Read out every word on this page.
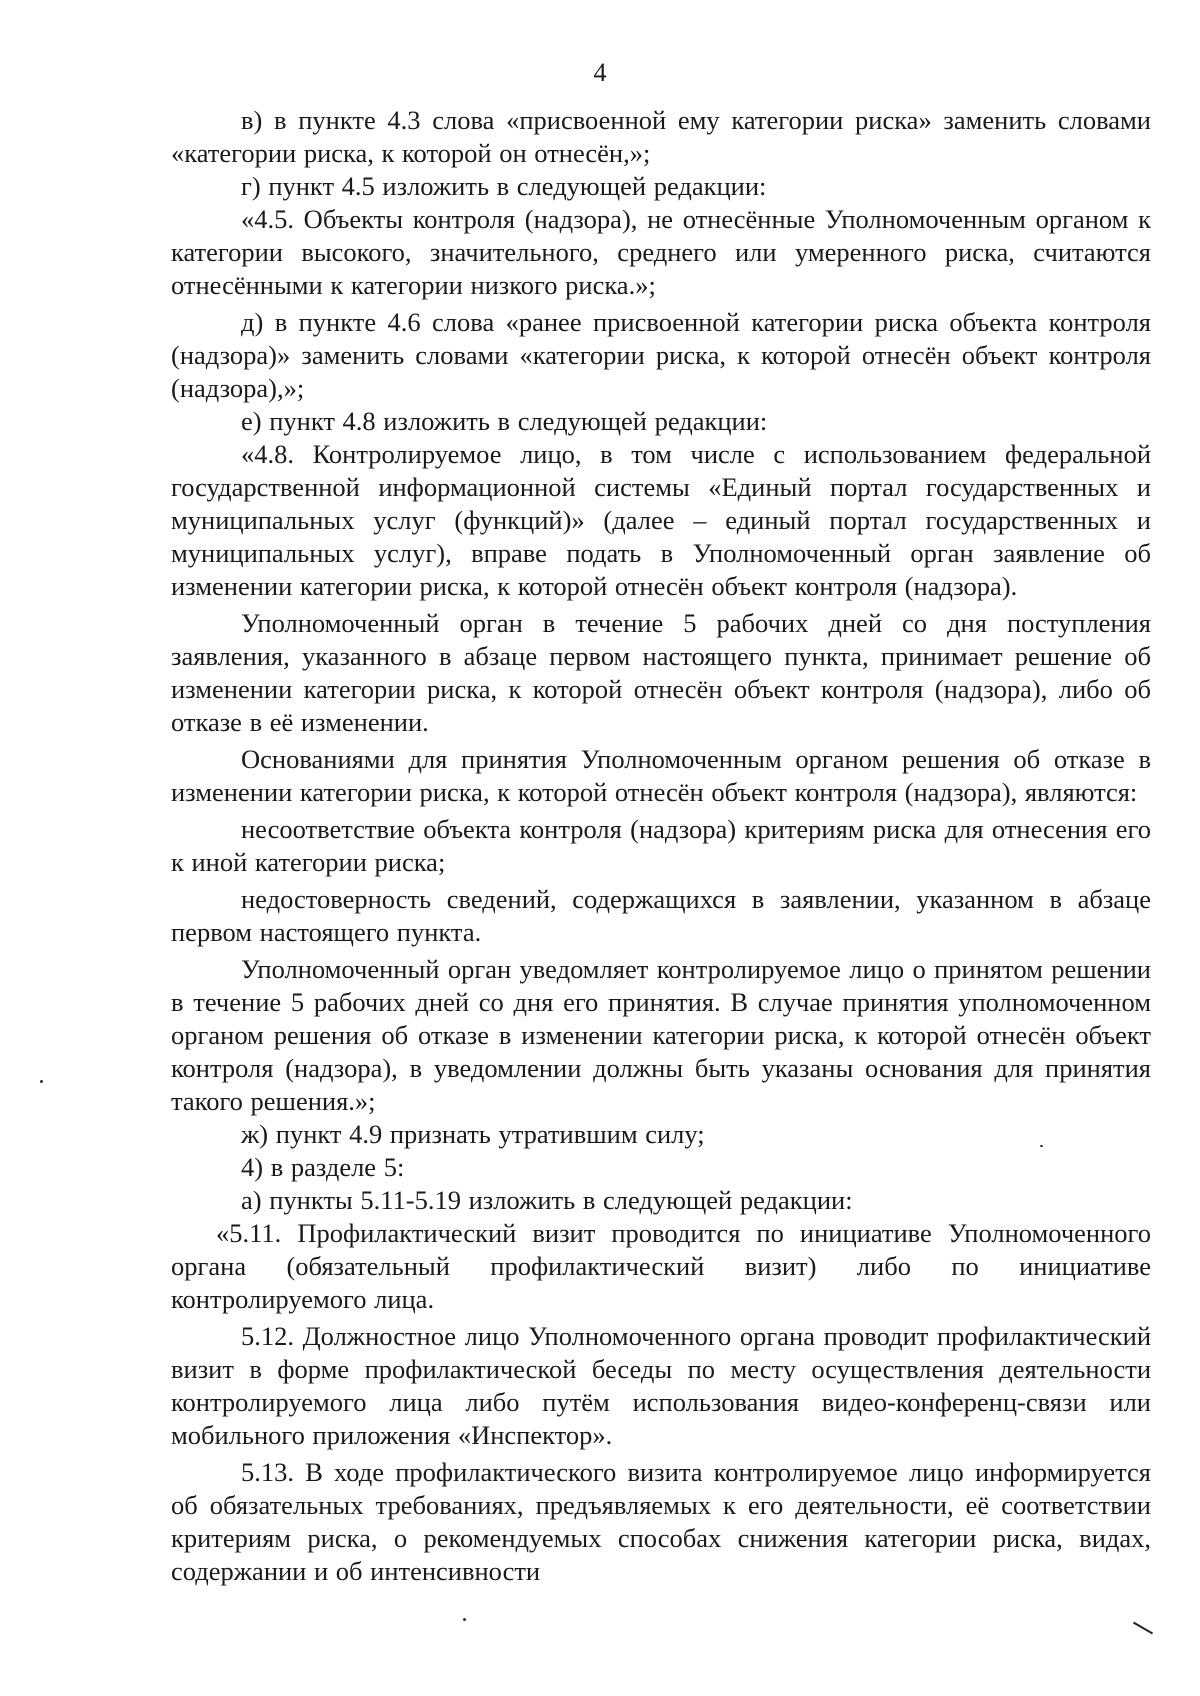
4

в) в пункте 4.3 слова «присвоенной ему категории риска» заменить словами «категории риска, к которой он отнесён,»;

г) пункт 4.5 изложить в следующей редакции:

«4.5. Объекты контроля (надзора), не отнесённые Уполномоченным органом к категории высокого, значительного, среднего или умеренного риска, считаются отнесёнными к категории низкого риска.»;

д) в пункте 4.6 слова «ранее присвоенной категории риска объекта контроля (надзора)» заменить словами «категории риска, к которой отнесён объект контроля (надзора),»;

е) пункт 4.8 изложить в следующей редакции:

«4.8. Контролируемое лицо, в том числе с использованием федеральной государственной информационной системы «Единый портал государственных и муниципальных услуг (функций)» (далее – единый портал государственных и муниципальных услуг), вправе подать в Уполномоченный орган заявление об изменении категории риска, к которой отнесён объект контроля (надзора).

Уполномоченный орган в течение 5 рабочих дней со дня поступления заявления, указанного в абзаце первом настоящего пункта, принимает решение об изменении категории риска, к которой отнесён объект контроля (надзора), либо об отказе в её изменении.

Основаниями для принятия Уполномоченным органом решения об отказе в изменении категории риска, к которой отнесён объект контроля (надзора), являются:

несоответствие объекта контроля (надзора) критериям риска для отнесения его к иной категории риска;

недостоверность сведений, содержащихся в заявлении, указанном в абзаце первом настоящего пункта.

Уполномоченный орган уведомляет контролируемое лицо о принятом решении в течение 5 рабочих дней со дня его принятия. В случае принятия уполномоченном органом решения об отказе в изменении категории риска, к которой отнесён объект контроля (надзора), в уведомлении должны быть указаны основания для принятия такого решения.»;

ж) пункт 4.9 признать утратившим силу;

4) в разделе 5:

а) пункты 5.11-5.19 изложить в следующей редакции:

«5.11. Профилактический визит проводится по инициативе Уполномоченного органа (обязательный профилактический визит) либо по инициативе контролируемого лица.

5.12. Должностное лицо Уполномоченного органа проводит профилактический визит в форме профилактической беседы по месту осуществления деятельности контролируемого лица либо путём использования видео-конференц-связи или мобильного приложения «Инспектор».

5.13. В ходе профилактического визита контролируемое лицо информируется об обязательных требованиях, предъявляемых к его деятельности, её соответствии критериям риска, о рекомендуемых способах снижения категории риска, видах, содержании и об интенсивности
